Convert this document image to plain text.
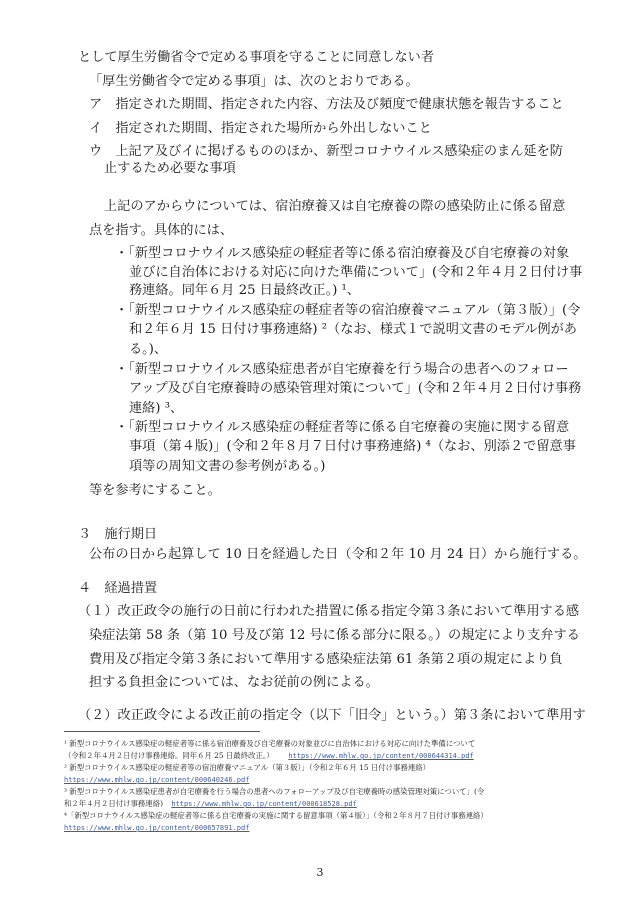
として厚生労働省令で定める事項を守ることに同意しない者
「厚生労働省令で定める事項」は、次のとおりである。
ア　指定された期間、指定された内容、方法及び頻度で健康状態を報告すること
イ　指定された期間、指定された場所から外出しないこと
ウ　上記ア及びイに掲げるもののほか、新型コロナウイルス感染症のまん延を防
止するため必要な事項
上記のアからウについては、宿泊療養又は自宅療養の際の感染防止に係る留意
点を指す。具体的には、
・「新型コロナウイルス感染症の軽症者等に係る宿泊療養及び自宅療養の対象
並びに自治体における対応に向けた準備について」(令和２年４月２日付け事
務連絡。同年６月 25 日最終改正。) ¹、
・「新型コロナウイルス感染症の軽症者等の宿泊療養マニュアル（第３版）」(令
和２年６月 15 日付け事務連絡) ²（なお、様式１で説明文書のモデル例があ
る。)、
・「新型コロナウイルス感染症患者が自宅療養を行う場合の患者へのフォロー
アップ及び自宅療養時の感染管理対策について」(令和２年４月２日付け事務
連絡) ³、
・「新型コロナウイルス感染症の軽症者等に係る自宅療養の実施に関する留意
事項（第４版)」(令和２年８月７日付け事務連絡) ⁴（なお、別添２で留意事
項等の周知文書の参考例がある。)
等を参考にすること。
３　施行期日
公布の日から起算して 10 日を経過した日（令和２年 10 月 24 日）から施行する。
４　経過措置
（１）改正政令の施行の日前に行われた措置に係る指定令第３条において準用する感
染症法第 58 条（第 10 号及び第 12 号に係る部分に限る。）の規定により支弁する
費用及び指定令第３条において準用する感染症法第 61 条第２項の規定により負
担する負担金については、なお従前の例による。
（２）改正政令による改正前の指定令（以下「旧令」という。）第３条において準用す
¹ 新型コロナウイルス感染症の軽症者等に係る宿泊療養及び自宅療養の対象並びに自治体における対応に向けた準備について
（令和２年４月２日付け事務連絡。同年６月 25 日最終改正。） https://www.mhlw.go.jp/content/000644314.pdf
² 新型コロナウイルス感染症の軽症者等の宿泊療養マニュアル（第３版）」（令和２年６月 15 日付け事務連絡）
https://www.mhlw.go.jp/content/000640246.pdf
³ 新型コロナウイルス感染症患者が自宅療養を行う場合の患者へのフォローアップ及び自宅療養時の感染管理対策について」(令
和２年４月２日付け事務連絡) https://www.mhlw.go.jp/content/000618528.pdf
⁴「新型コロナウイルス感染症の軽症者等に係る自宅療養の実施に関する留意事項（第４版）」（令和２年８月７日付け事務連絡）
https://www.mhlw.go.jp/content/000657891.pdf
3
